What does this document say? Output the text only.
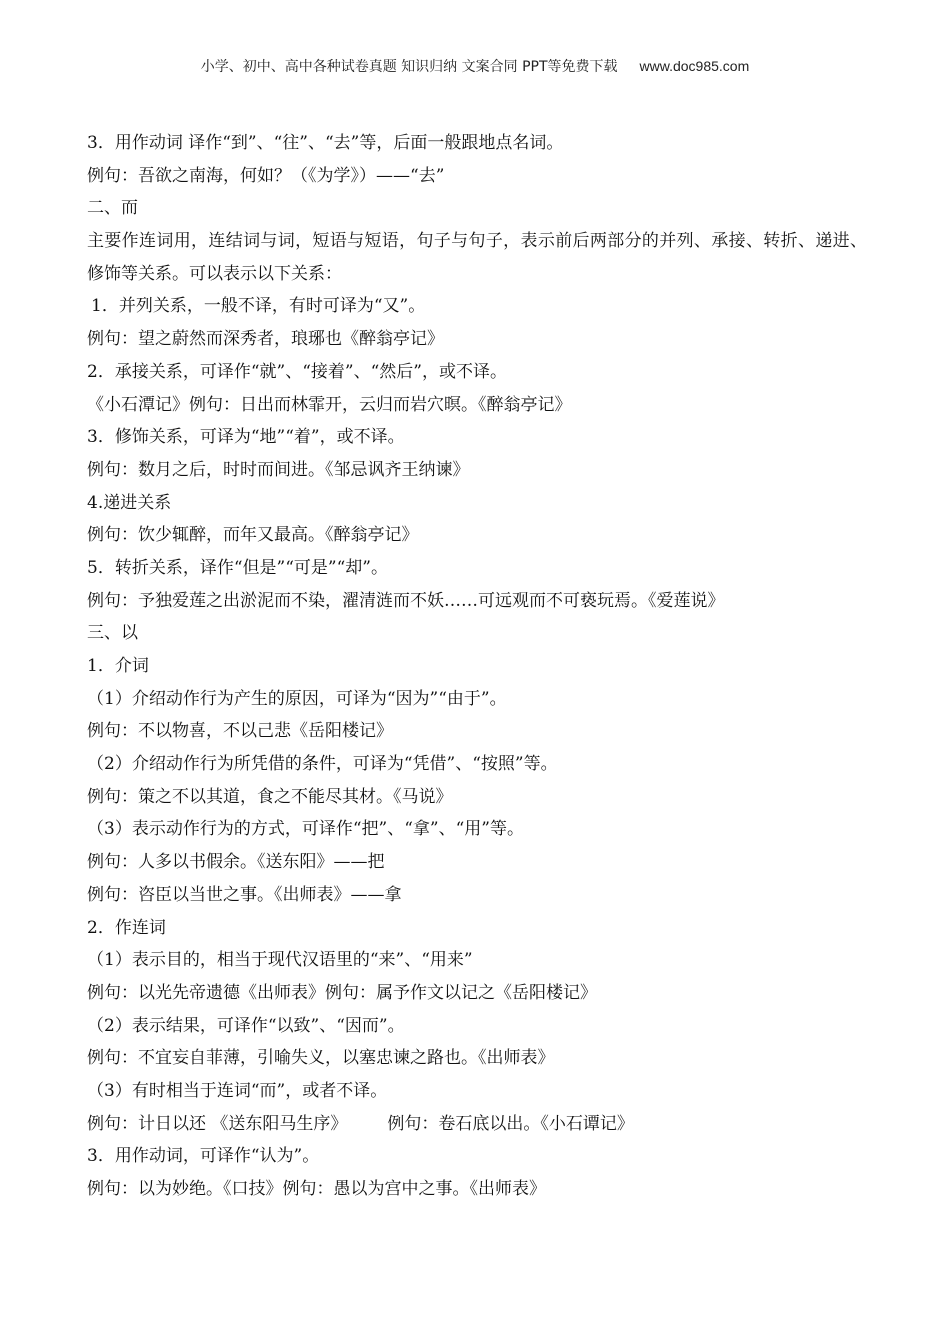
小学、初中、高中各种试卷真题 知识归纳 文案合同 PPT等免费下载 www.doc985.com
3．用作动词 译作“到”、“往”、“去”等，后面一般跟地点名词。
例句：吾欲之南海，何如？（《为学》）——“去”
二、而
主要作连词用，连结词与词，短语与短语，句子与句子，表示前后两部分的并列、承接、转折、递进、修饰等关系。可以表示以下关系：
1．并列关系，一般不译，有时可译为“又”。
例句：望之蔚然而深秀者，琅琊也《醉翁亭记》
2．承接关系，可译作“就”、“接着”、“然后”，或不译。
《小石潭记》例句：日出而林霏开，云归而岩穴暝。《醉翁亭记》
3．修饰关系，可译为“地”“着”，或不译。
例句：数月之后，时时而间进。《邹忌讽齐王纳谏》
4.递进关系
例句：饮少辄醉，而年又最高。《醉翁亭记》
5．转折关系，译作“但是”“可是”“却”。
例句：予独爱莲之出淤泥而不染，濯清涟而不妖……可远观而不可亵玩焉。《爱莲说》
三、以
1．介词
（1）介绍动作行为产生的原因，可译为“因为”“由于”。
例句：不以物喜，不以己悲《岳阳楼记》
（2）介绍动作行为所凭借的条件，可译为“凭借”、“按照”等。
例句：策之不以其道，食之不能尽其材。《马说》
（3）表示动作行为的方式，可译作“把”、“拿”、“用”等。
例句：人多以书假余。《送东阳》——把
例句：咨臣以当世之事。《出师表》——拿
2．作连词
（1）表示目的，相当于现代汉语里的“来”、“用来”
例句：以光先帝遗德《出师表》例句：属予作文以记之《岳阳楼记》
（2）表示结果，可译作“以致”、“因而”。
例句：不宜妄自菲薄，引喻失义，以塞忠谏之路也。《出师表》
（3）有时相当于连词“而”，或者不译。
例句：计日以还 《送东阳马生序》 例句：卷石底以出。《小石谭记》
3．用作动词，可译作“认为”。
例句：以为妙绝。《口技》例句：愚以为宫中之事。《出师表》
